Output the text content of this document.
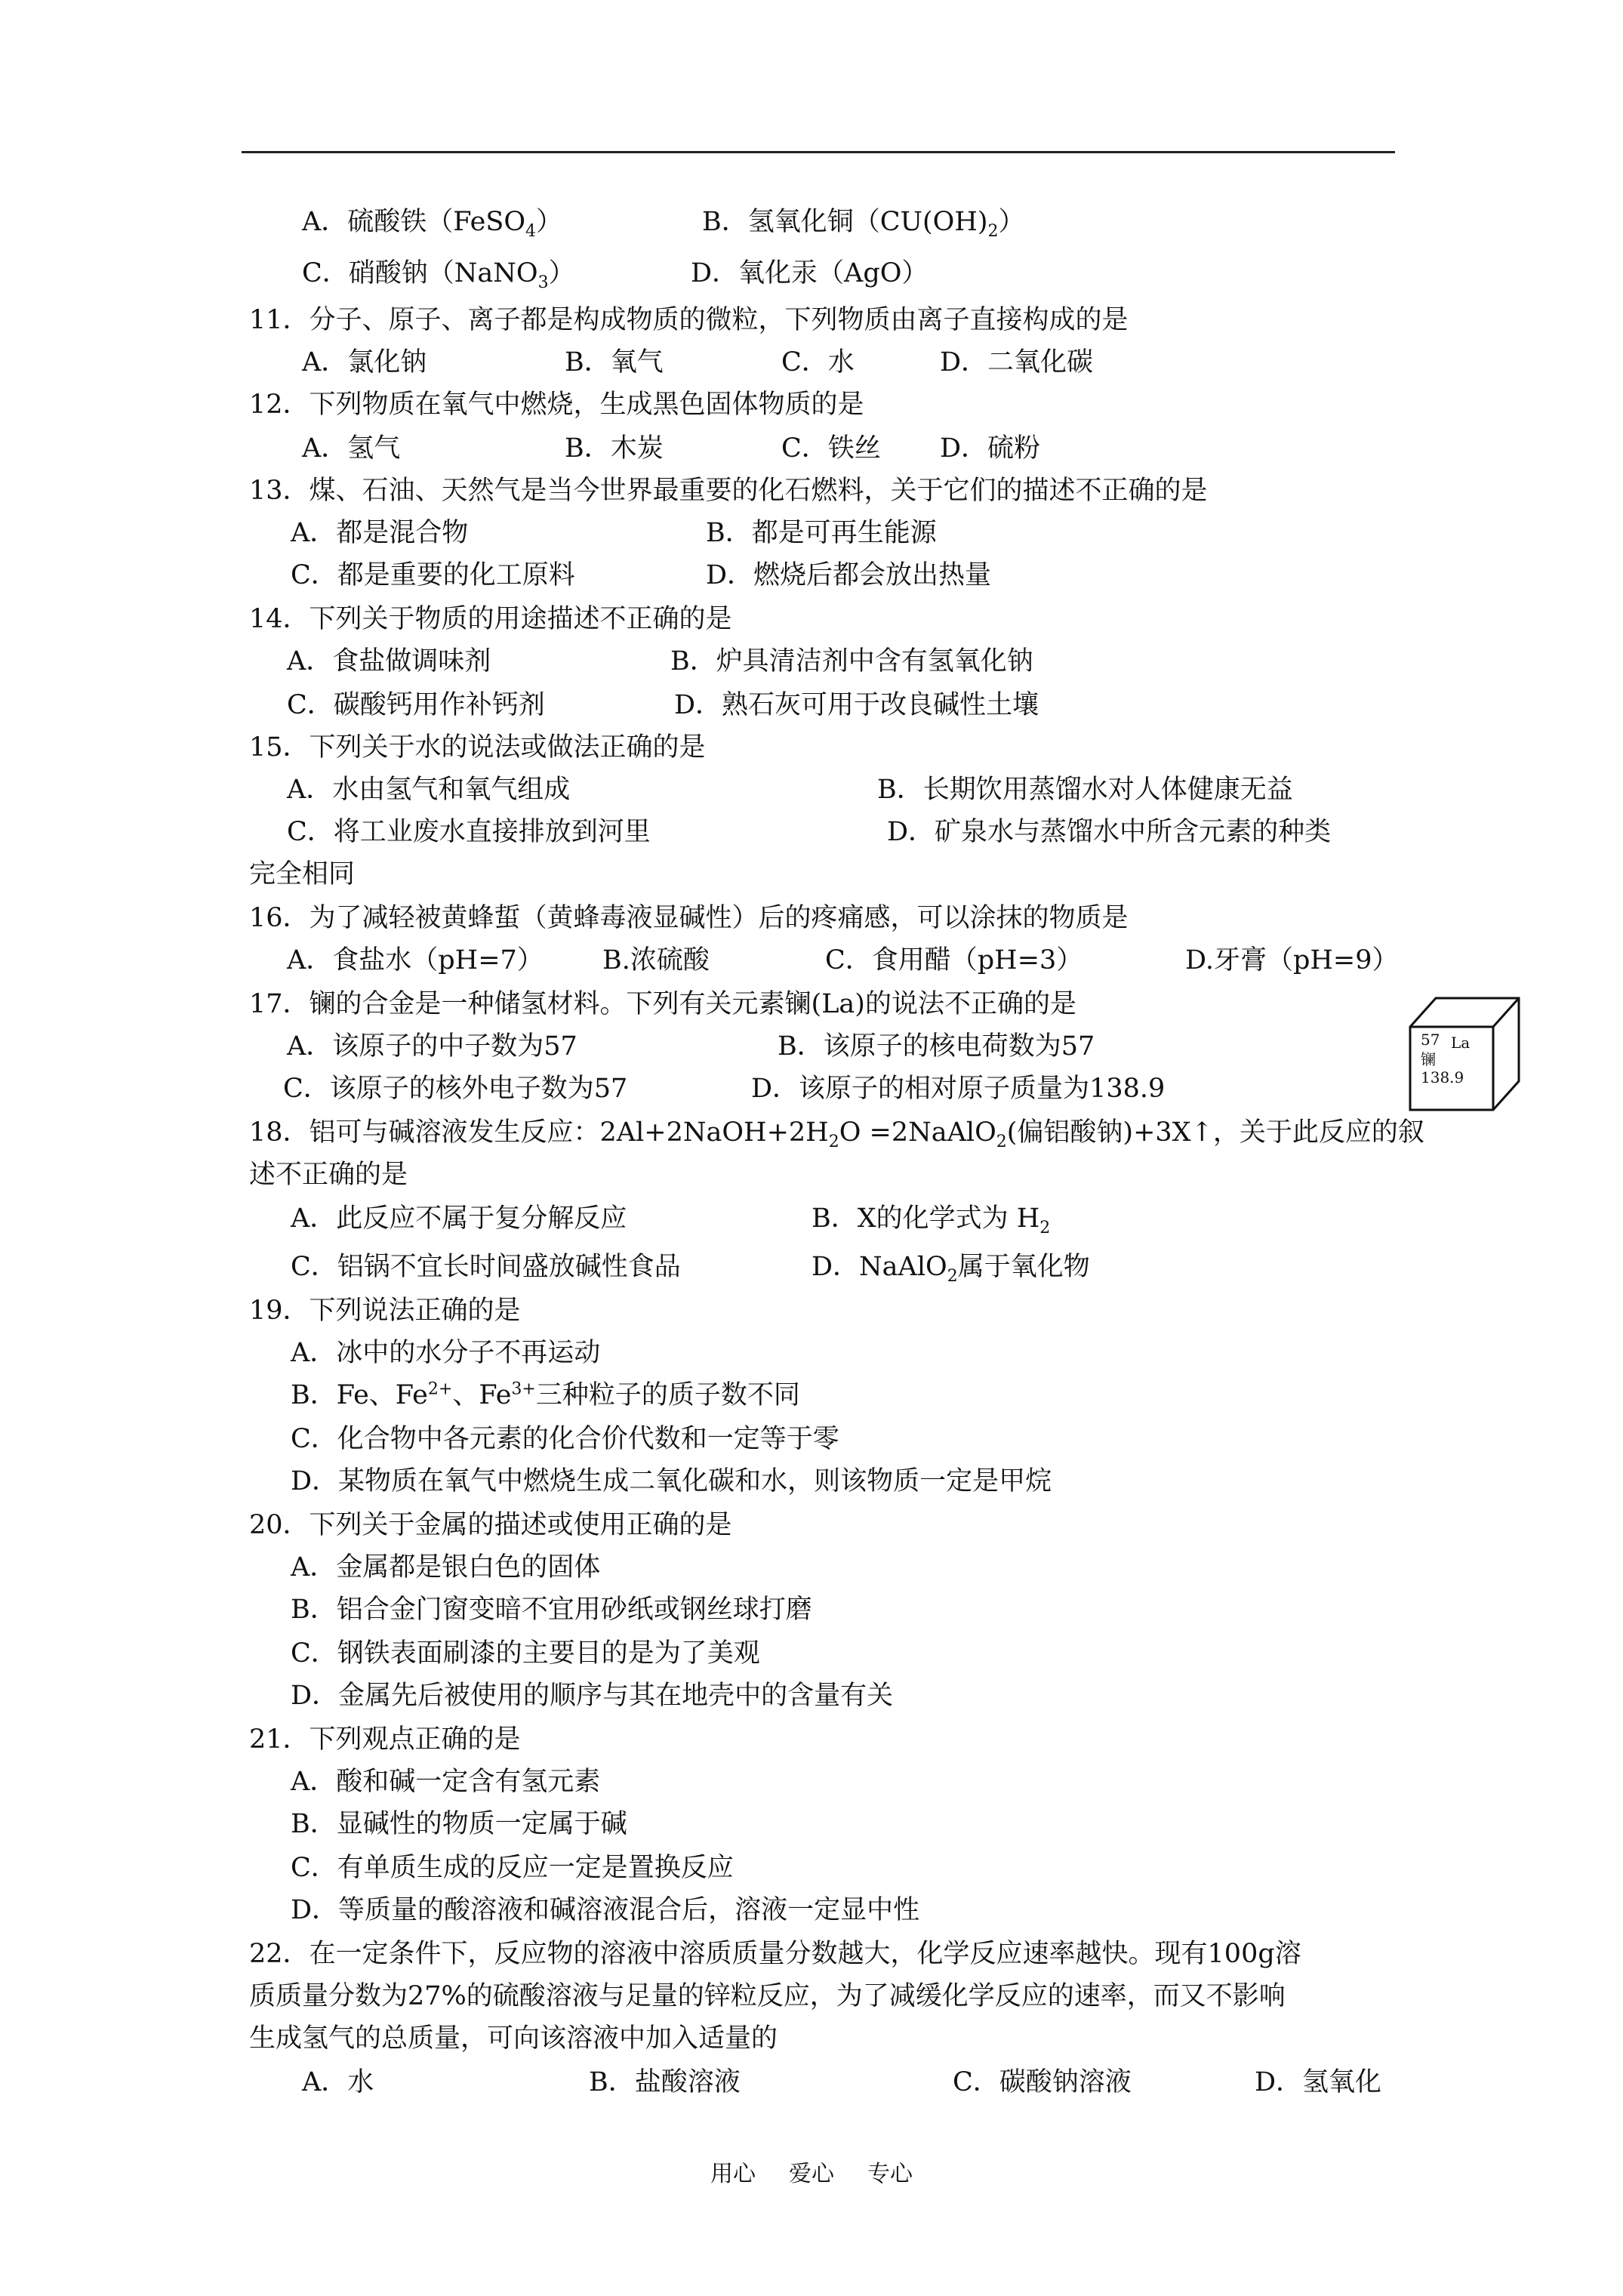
A．硫酸铁（FeSO$_4$）	B．氢氧化铜$(CU(OH)_2)$
C．硝酸钠（NaNO$_3$）	D．氧化汞（AgO）
11．分子、原子、离子都是构成物质的微粒，下列物质由离子直接构成的是
A．氯化钠	B．氧气	C．水	D．二氧化碳
12．下列物质在氧气中燃烧，生成黑色固体物质的是
A．氢气	B．木炭	C．铁丝 D．硫粉
13．煤、石油、天然气是当今世界最重要的化石燃料，关于它们的描述不正确的是
A．都是混合物	B．都是可再生能源
C．都是重要的化工原料	D．燃烧后都会放出热量
14．下列关于物质的用途描述不正确的是
A．食盐做调味剂	B．炉具清洁剂中含有氢氧化钠
C．碳酸钙用作补钙剂	D．熟石灰可用于改良碱性土壤
15．下列关于水的说法或做法正确的是
A．水由氢气和氧气组成	B．长期饮用蒸馏水对人体健康无益
C．将工业废水直接排放到河里	D．矿泉水与蒸馏水中所含元素的种类
完全相同
16．为了减轻被黄蜂蜇（黄蜂毒液显碱性）后的疼痛感，可以涂抹的物质是
A．食盐水（pH=7） B.浓硫酸	C．食用醋（pH=3）	D.牙膏（pH=9）
17．镧的合金是一种储氢材料。下列有关元素镧(La)的说法不正确的是
A．该原子的中子数为57	B．该原子的核电荷数为57
C．该原子的核外电子数为57	D．该原子的相对原子质量为138.9
57 La
镧
138.9
18．铝可与碱溶液发生反应：$2Al+2NaOH+2H_2O$ =2NaAlO$_2$(偏铝酸钠)+3X↑，关于此反应的叙
述不正确的是
A．此反应不属于复分解反应	B．X的化学式为 $H_2$
C．铝锅不宜长时间盛放碱性食品	D．NaAlO$_2$属于氧化物
19．下列说法正确的是
A．冰中的水分子不再运动
B．Fe、$Fe^{2+}$、$Fe^{3+}$三种粒子的质子数不同
C．化合物中各元素的化合价代数和一定等于零
D．某物质在氧气中燃烧生成二氧化碳和水，则该物质一定是甲烷
20．下列关于金属的描述或使用正确的是
A．金属都是银白色的固体
B．铝合金门窗变暗不宜用砂纸或钢丝球打磨
C．钢铁表面刷漆的主要目的是为了美观
D．金属先后被使用的顺序与其在地壳中的含量有关
21．下列观点正确的是
A．酸和碱一定含有氢元素
B．显碱性的物质一定属于碱
C．有单质生成的反应一定是置换反应
D．等质量的酸溶液和碱溶液混合后，溶液一定显中性
22．在一定条件下，反应物的溶液中溶质质量分数越大，化学反应速率越快。现有100g溶
质质量分数为27%的硫酸溶液与足量的锌粒反应，为了减缓化学反应的速率，而又不影响
生成氢气的总质量，可向该溶液中加入适量的
A．水	B．盐酸溶液	C．碳酸钠溶液	D．氢氧化
用心 爱心 专心
